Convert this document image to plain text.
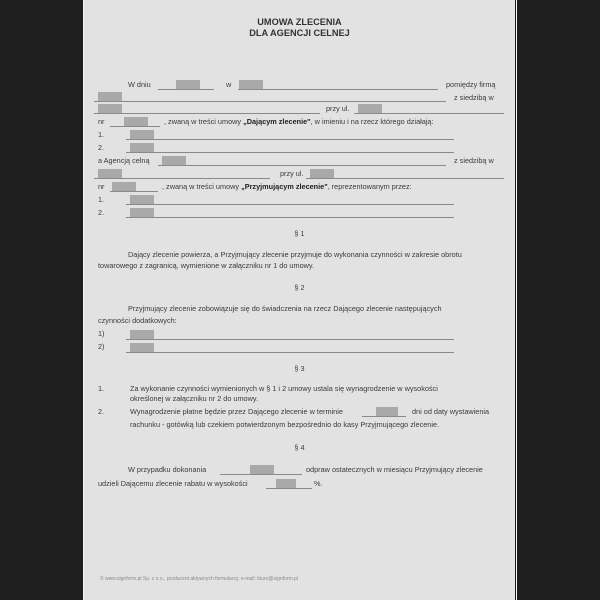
UMOWA ZLECENIA
DLA AGENCJI CELNEJ
W dniu	w	pomiędzy firmą
z siedzibą w
przy ul.
nr	, zwaną w treści umowy „Dającym zlecenie", w imieniu i na rzecz którego działają:
1.
2.
a Agencją celną	z siedzibą w
przy ul.
nr	, zwaną w treści umowy „Przyjmującym zlecenie", reprezentowanym przez:
1.
2.
§ 1
Dający zlecenie powierza, a Przyjmujący zlecenie przyjmuje do wykonania czynności w zakresie obrotu
towarowego z zagranicą, wymienione w załączniku nr 1 do umowy.
§ 2
Przyjmujący zlecenie zobowiązuje się do świadczenia na rzecz Dającego zlecenie następujących
czynności dodatkowych:
1)
2)
§ 3
1.	Za wykonanie czynności wymienionych w § 1 i 2 umowy ustala się wynagrodzenie w wysokości
określonej w załączniku nr 2 do umowy.
2.	Wynagrodzenie płatne będzie przez Dającego zlecenie w terminie	dni od daty wystawienia
rachunku - gotówką lub czekiem potwierdzonym bezpośrednio do kasy Przyjmującego zlecenie.
§ 4
W przypadku dokonania	odpraw ostatecznych w miesiącu Przyjmujący zlecenie
udzieli Dającemu zlecenie rabatu w wysokości	%.
© www.signform.pl Sp. z o.o., producent aktywnych formularzy, e-mail: biuro@signform.pl
